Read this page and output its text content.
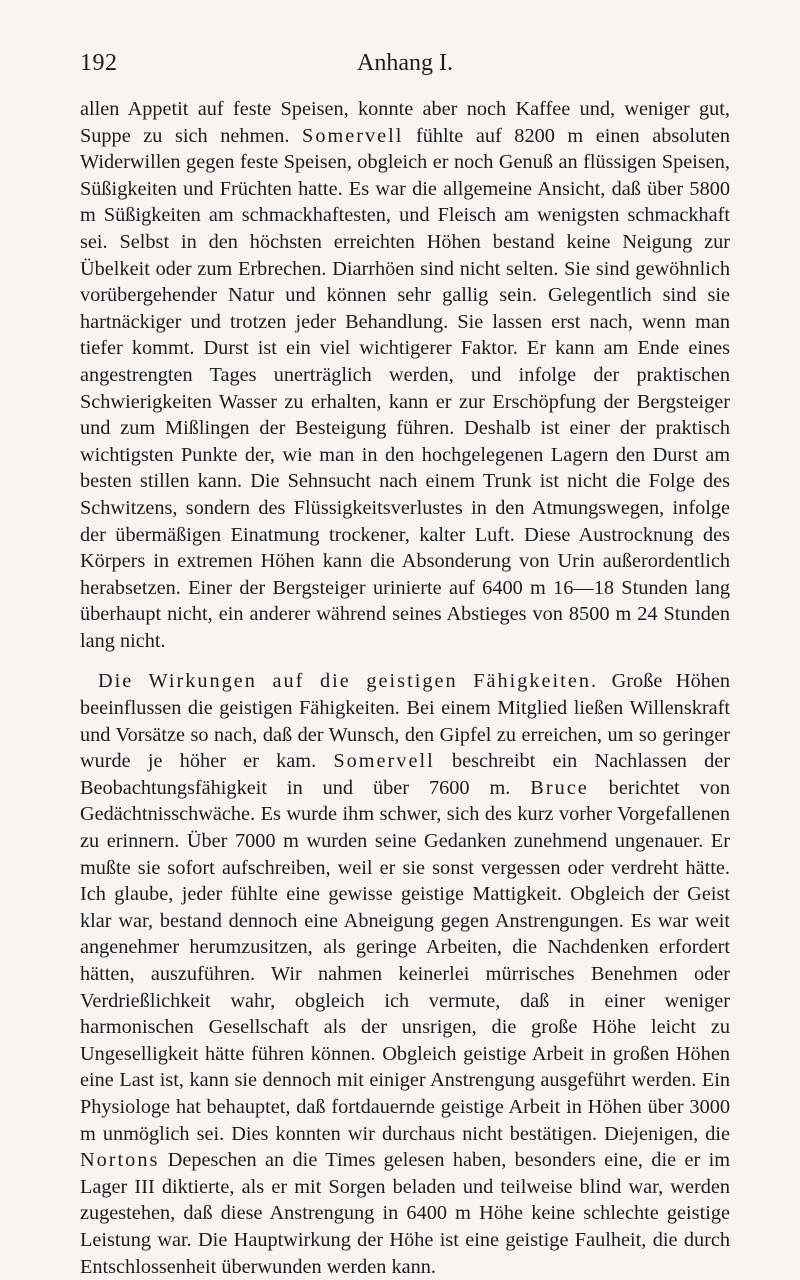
192	Anhang I.

allen Appetit auf feste Speisen, konnte aber noch Kaffee und, weniger gut, Suppe zu sich nehmen. Somervell fühlte auf 8200 m einen absoluten Widerwillen gegen feste Speisen, obgleich er noch Genuß an flüssigen Speisen, Süßigkeiten und Früchten hatte. Es war die allgemeine Ansicht, daß über 5800 m Süßigkeiten am schmackhaftesten, und Fleisch am wenigsten schmackhaft sei. Selbst in den höchsten erreichten Höhen bestand keine Neigung zur Übelkeit oder zum Erbrechen. Diarrhöen sind nicht selten. Sie sind gewöhnlich vorübergehender Natur und können sehr gallig sein. Gelegentlich sind sie hartnäckiger und trotzen jeder Behandlung. Sie lassen erst nach, wenn man tiefer kommt. Durst ist ein viel wichtigerer Faktor. Er kann am Ende eines angestrengten Tages unerträglich werden, und infolge der praktischen Schwierigkeiten Wasser zu erhalten, kann er zur Erschöpfung der Bergsteiger und zum Mißlingen der Besteigung führen. Deshalb ist einer der praktisch wichtigsten Punkte der, wie man in den hochgelegenen Lagern den Durst am besten stillen kann. Die Sehnsucht nach einem Trunk ist nicht die Folge des Schwitzens, sondern des Flüssigkeitsverlustes in den Atmungswegen, infolge der übermäßigen Einatmung trockener, kalter Luft. Diese Austrocknung des Körpers in extremen Höhen kann die Absonderung von Urin außerordentlich herabsetzen. Einer der Bergsteiger urinierte auf 6400 m 16—18 Stunden lang überhaupt nicht, ein anderer während seines Abstieges von 8500 m 24 Stunden lang nicht.

Die Wirkungen auf die geistigen Fähigkeiten. Große Höhen beeinflussen die geistigen Fähigkeiten. Bei einem Mitglied ließen Willenskraft und Vorsätze so nach, daß der Wunsch, den Gipfel zu erreichen, um so geringer wurde je höher er kam. Somervell beschreibt ein Nachlassen der Beobachtungsfähigkeit in und über 7600 m. Bruce berichtet von Gedächtnisschwäche. Es wurde ihm schwer, sich des kurz vorher Vorgefallenen zu erinnern. Über 7000 m wurden seine Gedanken zunehmend ungenauer. Er mußte sie sofort aufschreiben, weil er sie sonst vergessen oder verdreht hätte. Ich glaube, jeder fühlte eine gewisse geistige Mattigkeit. Obgleich der Geist klar war, bestand dennoch eine Abneigung gegen Anstrengungen. Es war weit angenehmer herumzusitzen, als geringe Arbeiten, die Nachdenken erfordert hätten, auszuführen. Wir nahmen keinerlei mürrisches Benehmen oder Verdrießlichkeit wahr, obgleich ich vermute, daß in einer weniger harmonischen Gesellschaft als der unsrigen, die große Höhe leicht zu Ungeselligkeit hätte führen können. Obgleich geistige Arbeit in großen Höhen eine Last ist, kann sie dennoch mit einiger Anstrengung ausgeführt werden. Ein Physiologe hat behauptet, daß fortdauernde geistige Arbeit in Höhen über 3000 m unmöglich sei. Dies konnten wir durchaus nicht bestätigen. Diejenigen, die Nortons Depeschen an die Times gelesen haben, besonders eine, die er im Lager III diktierte, als er mit Sorgen beladen und teilweise blind war, werden zugestehen, daß diese Anstrengung in 6400 m Höhe keine schlechte geistige Leistung war. Die Hauptwirkung der Höhe ist eine geistige Faulheit, die durch Entschlossenheit überwunden werden kann.
